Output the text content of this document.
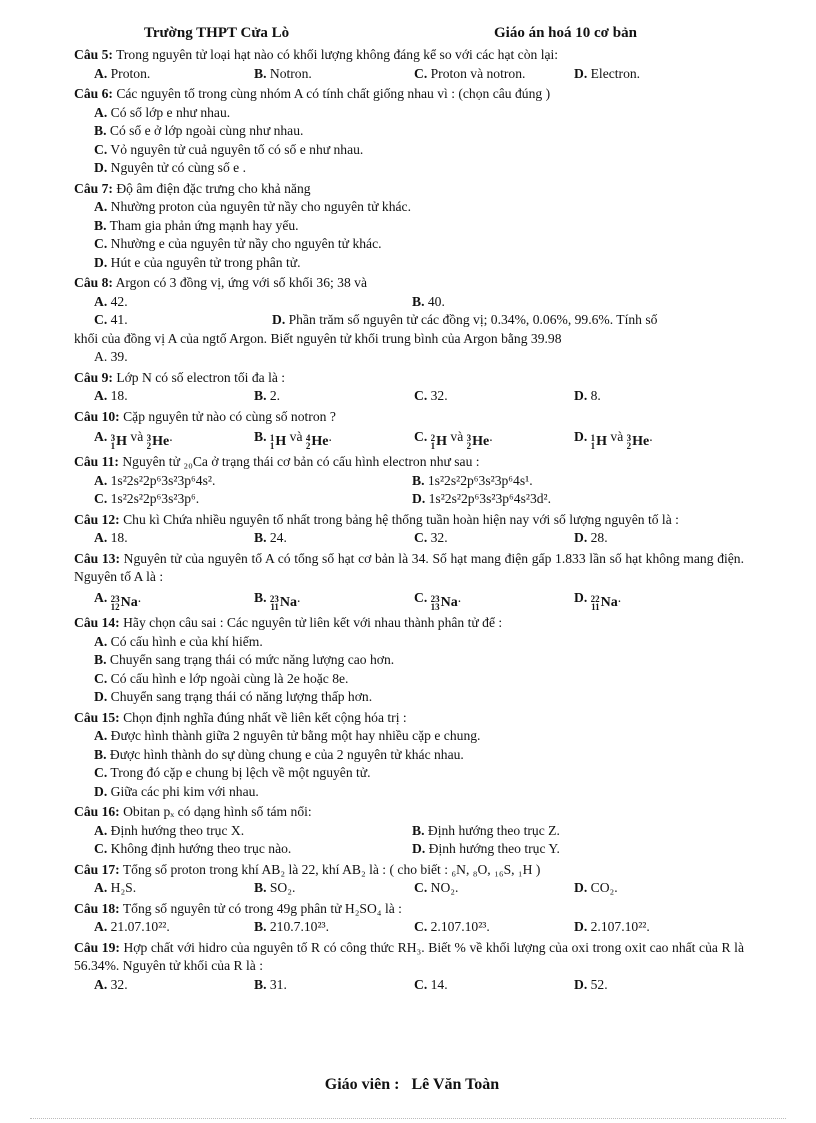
Trường THPT Cửa Lò	Giáo án hoá 10 cơ bản
Câu 5: Trong nguyên tử loại hạt nào có khối lượng không đáng kể so với các hạt còn lại:
A. Proton.	B. Notron.	C. Proton và notron.	D. Electron.
Câu 6: Các nguyên tố trong cùng nhóm A có tính chất giống nhau vì : (chọn câu đúng )
A. Có số lớp e như nhau.
B. Có số e ở lớp ngoài cùng như nhau.
C. Vỏ nguyên tử cuả nguyên tố có số e như nhau.
D. Nguyên tử có cùng số e .
Câu 7: Độ âm điện đặc trưng cho khả năng
A. Nhường proton của nguyên tử nầy cho nguyên tử khác.
B. Tham gia phản ứng mạnh hay yếu.
C. Nhường e của nguyên tử nầy cho nguyên tử khác.
D. Hút e của nguyên tử trong phân tử.
Câu 8: Argon có 3 đồng vị, ứng với số khối 36; 38 và
A. 42.	B. 40.
C. 41.	D. Phần trăm số nguyên tử các đồng vị; 0.34%, 0.06%, 99.6%. Tính số
khối của đồng vị A của ngtố Argon. Biết nguyên tử khối trung bình của Argon bằng 39.98
A. 39.
Câu 9: Lớp N có số electron tối đa là :
A. 18.	B. 2.	C. 32.	D. 8.
Câu 10: Cặp nguyên tử nào có cùng số notron ?
A. 3
1 H và 3
2 He .	B. 1
1 H và 4
2 He .	C. 2
1 H và 3
2 He .	D. 1
1 H và 3
2 He .
Câu 11: Nguyên tử ₂₀Ca ở trạng thái cơ bản có cấu hình electron như sau :
A. 1s²2s²2p⁶3s²3p⁶4s².	B. 1s²2s²2p⁶3s²3p⁶4s¹.
C. 1s²2s²2p⁶3s²3p⁶.	D. 1s²2s²2p⁶3s²3p⁶4s²3d².
Câu 12: Chu kì Chứa nhiều nguyên tố nhất trong bảng hệ thống tuần hoàn hiện nay với số lượng nguyên tố là :
A. 18.	B. 24.	C. 32.	D. 28.
Câu 13: Nguyên tử của nguyên tố A có tổng số hạt cơ bản là 34. Số hạt mang điện gấp 1.833 lần số hạt không mang điện. Nguyên tố A là :
A. 23
12 Na .	B. 23
11 Na .	C. 23
13 Na .	D. 22
11 Na .
Câu 14: Hãy chọn câu sai : Các nguyên tử liên kết với nhau thành phân tử để :
A. Có cấu hình e của khí hiếm.
B. Chuyển sang trạng thái có mức năng lượng cao hơn.
C. Có cấu hình e lớp ngoài cùng là 2e hoặc 8e.
D. Chuyển sang trạng thái có năng lượng thấp hơn.
Câu 15: Chọn định nghĩa đúng nhất về liên kết cộng hóa trị :
A. Được hình thành giữa 2 nguyên tử bằng một hay nhiều cặp e chung.
B. Được hình thành do sự dùng chung e của 2 nguyên tử khác nhau.
C. Trong đó cặp e chung bị lệch về một nguyên tử.
D. Giữa các phi kim với nhau.
Câu 16: Obitan pₓ có dạng hình số tám nổi:
A. Định hướng theo trục X.	B. Định hướng theo trục Z.
C. Không định hướng theo trục nào.	D. Định hướng theo trục Y.
Câu 17: Tổng số proton trong khí AB₂ là 22, khí AB₂ là : ( cho biết : ₆N, ₈O, ₁₆S, ₁H )
A. H₂S.	B. SO₂.	C. NO₂.	D. CO₂.
Câu 18: Tổng số nguyên tử có trong 49g phân tử H₂SO₄ là :
A. 21.07.10²².	B. 210.7.10²³.	C. 2.107.10²³.	D. 2.107.10²².
Câu 19: Hợp chất với hidro của nguyên tố R có công thức RH₃. Biết % về khối lượng của oxi trong oxit cao nhất của R là 56.34%. Nguyên tử khối của R là :
A. 32.	B. 31.	C. 14.	D. 52.
Giáo viên : Lê Văn Toàn
